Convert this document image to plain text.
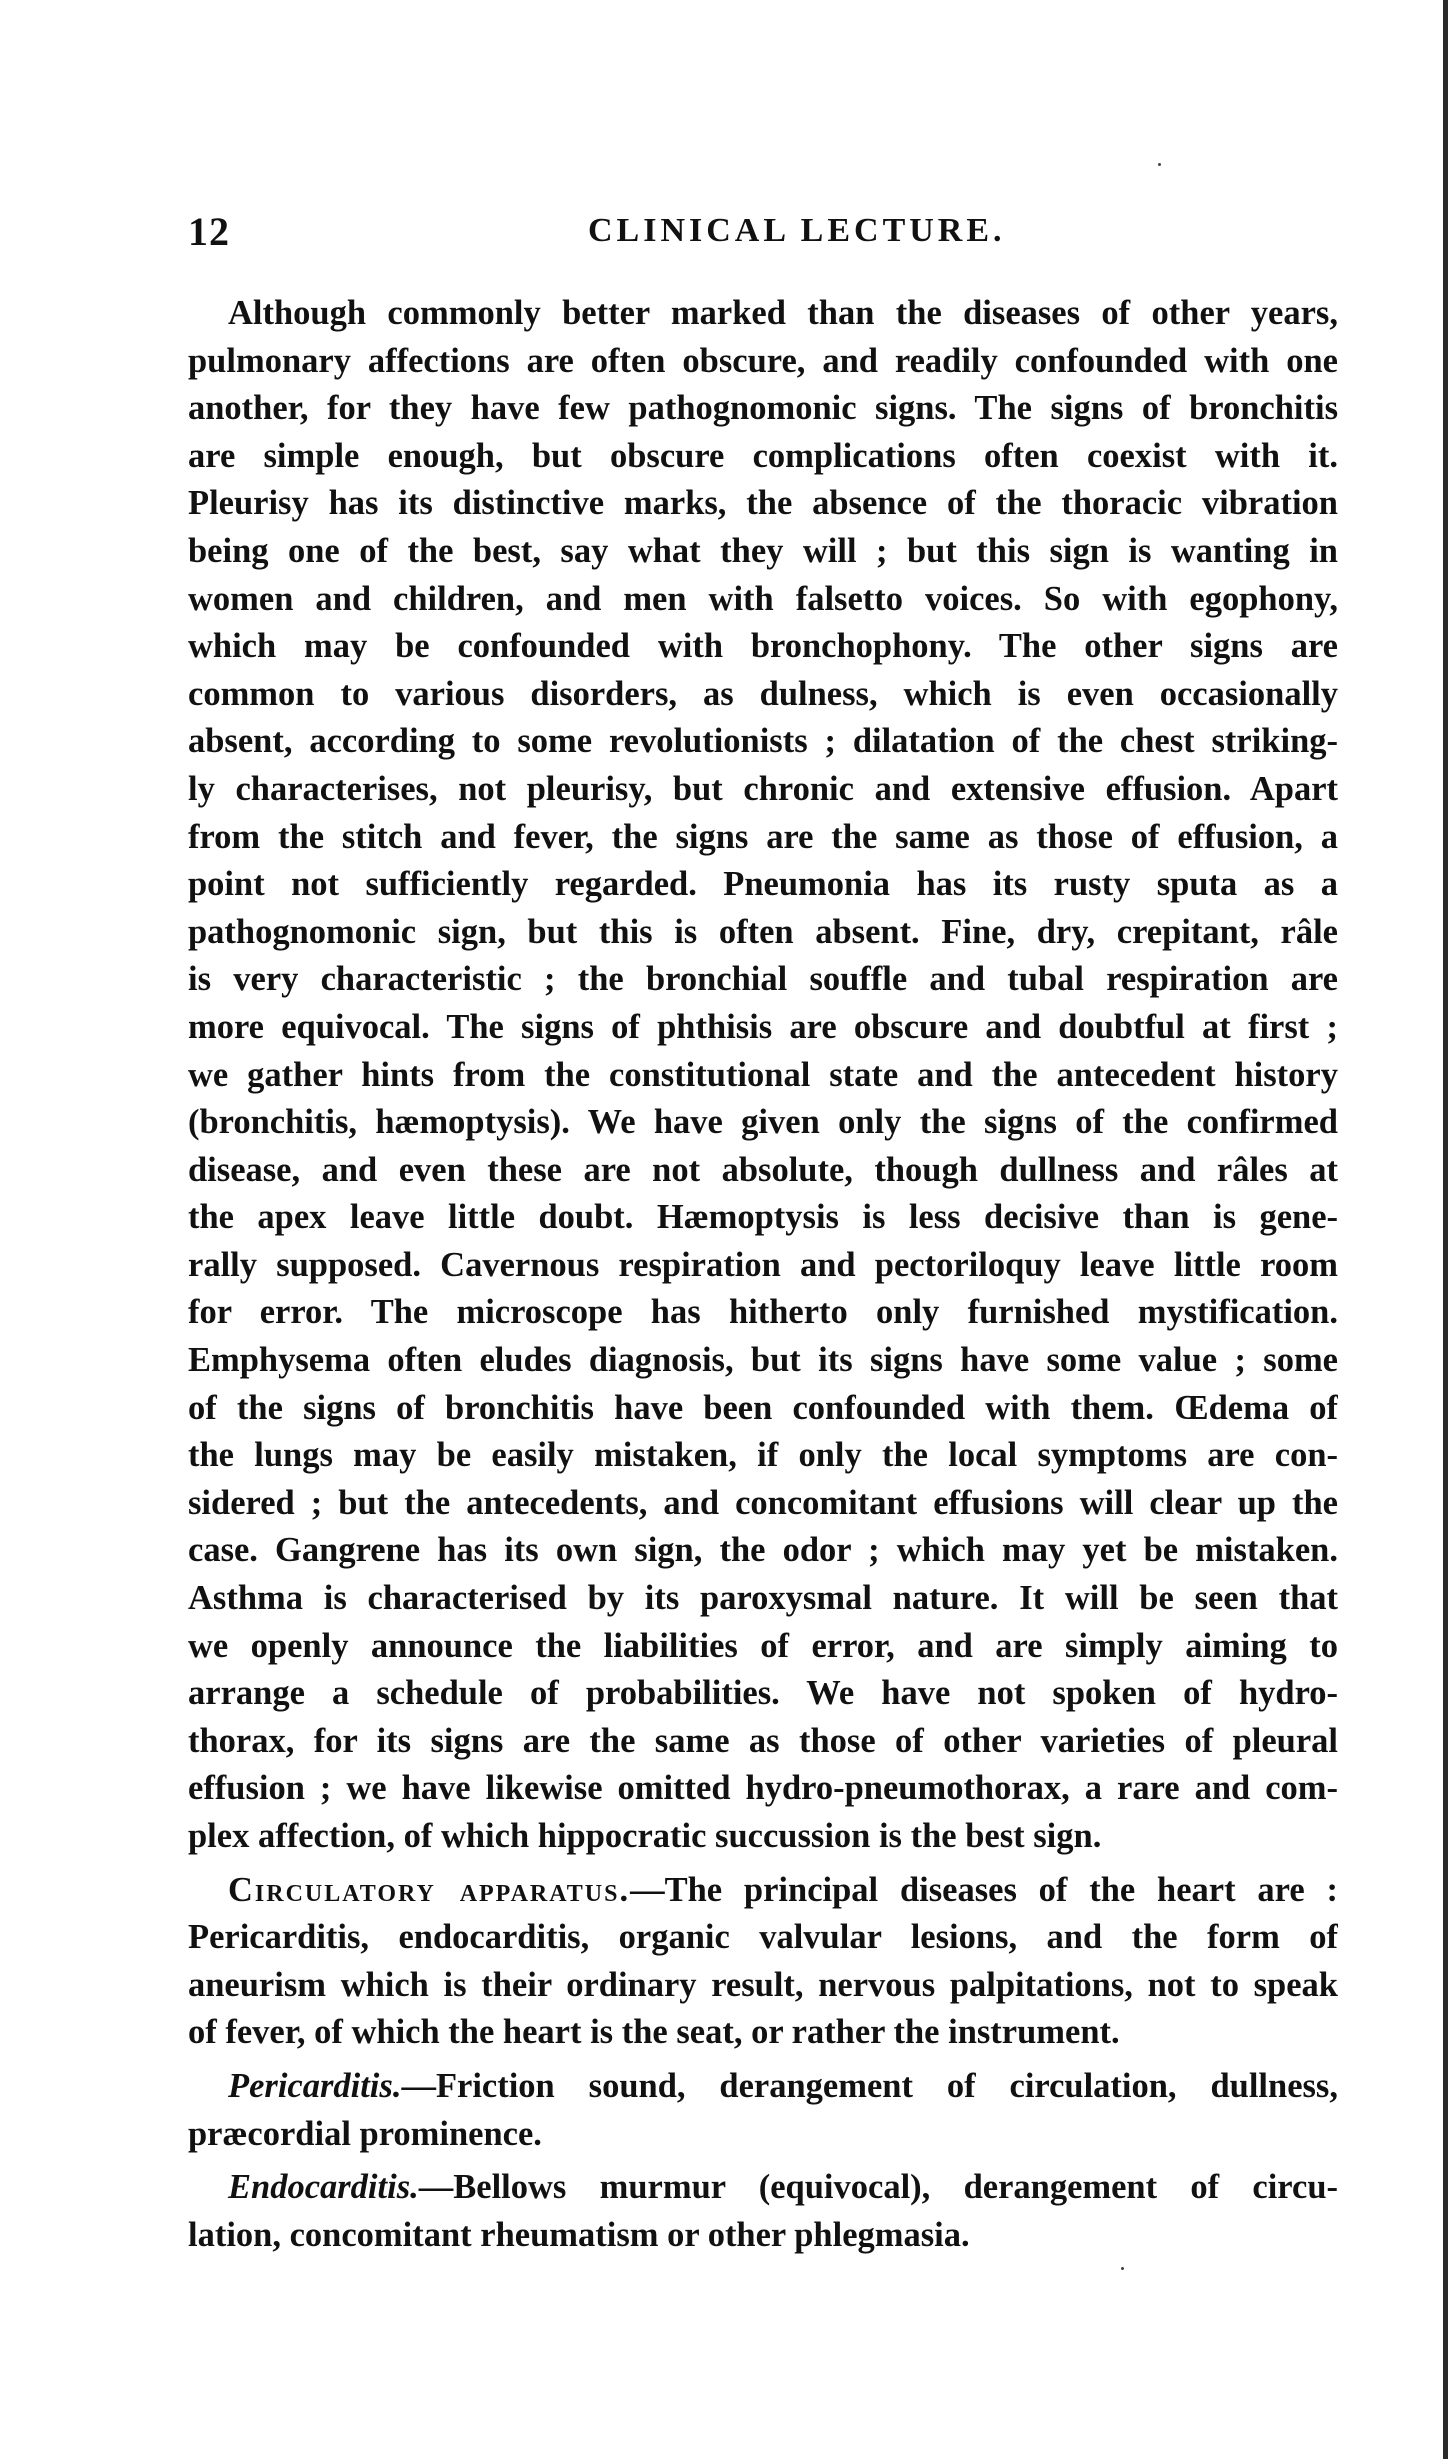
12	CLINICAL LECTURE.
Although commonly better marked than the diseases of other years,
pulmonary affections are often obscure, and readily confounded with one
another, for they have few pathognomonic signs. The signs of bronchitis
are simple enough, but obscure complications often coexist with it.
Pleurisy has its distinctive marks, the absence of the thoracic vibration
being one of the best, say what they will ; but this sign is wanting in
women and children, and men with falsetto voices. So with egophony,
which may be confounded with bronchophony. The other signs are
common to various disorders, as dulness, which is even occasionally
absent, according to some revolutionists ; dilatation of the chest striking-
ly characterises, not pleurisy, but chronic and extensive effusion. Apart
from the stitch and fever, the signs are the same as those of effusion, a
point not sufficiently regarded. Pneumonia has its rusty sputa as a
pathognomonic sign, but this is often absent. Fine, dry, crepitant, râle
is very characteristic ; the bronchial souffle and tubal respiration are
more equivocal. The signs of phthisis are obscure and doubtful at first ;
we gather hints from the constitutional state and the antecedent history
(bronchitis, hæmoptysis). We have given only the signs of the confirmed
disease, and even these are not absolute, though dullness and râles at
the apex leave little doubt. Hæmoptysis is less decisive than is gene-
rally supposed. Cavernous respiration and pectoriloquy leave little room
for error. The microscope has hitherto only furnished mystification.
Emphysema often eludes diagnosis, but its signs have some value ; some
of the signs of bronchitis have been confounded with them. Œdema of
the lungs may be easily mistaken, if only the local symptoms are con-
sidered ; but the antecedents, and concomitant effusions will clear up the
case. Gangrene has its own sign, the odor ; which may yet be mistaken.
Asthma is characterised by its paroxysmal nature. It will be seen that
we openly announce the liabilities of error, and are simply aiming to
arrange a schedule of probabilities. We have not spoken of hydro-
thorax, for its signs are the same as those of other varieties of pleural
effusion ; we have likewise omitted hydro-pneumothorax, a rare and com-
plex affection, of which hippocratic succussion is the best sign.
Circulatory apparatus.—The principal diseases of the heart are :
Pericarditis, endocarditis, organic valvular lesions, and the form of
aneurism which is their ordinary result, nervous palpitations, not to speak
of fever, of which the heart is the seat, or rather the instrument.
Pericarditis.—Friction sound, derangement of circulation, dullness,
præcordial prominence.
Endocarditis.—Bellows murmur (equivocal), derangement of circu-
lation, concomitant rheumatism or other phlegmasia.
